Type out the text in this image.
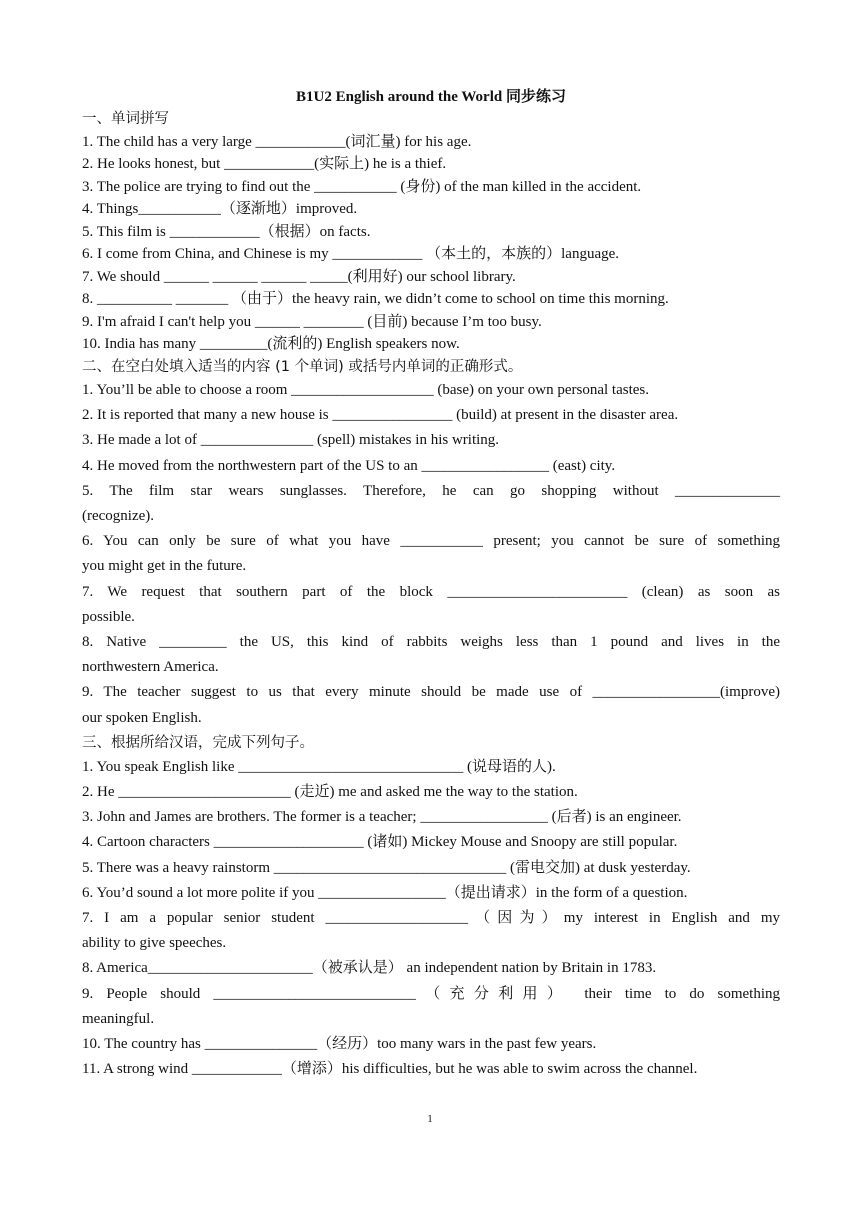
B1U2 English around the World 同步练习
一、单词拼写
1. The child has a very large ____________(词汇量) for his age.
2. He looks honest, but ____________(实际上) he is a thief.
3. The police are trying to find out the ___________ (身份) of the man killed in the accident.
4. Things___________（逐渐地）improved.
5. This film is ____________（根据）on facts.
6. I come from China, and Chinese is my ____________ （本土的，本族的）language.
7. We should ______ ______ ______ _____(利用好) our school library.
8. __________ _______ （由于）the heavy rain, we didn’t come to school on time this morning.
9. I'm afraid I can't help you ______ ________ (目前) because I’m too busy.
10. India has many _________(流利的) English speakers now.
二、在空白处填入适当的内容 (1 个单词) 或括号内单词的正确形式。
1. You’ll be able to choose a room ___________________ (base) on your own personal tastes.
2. It is reported that many a new house is ________________ (build) at present in the disaster area.
3. He made a lot of _______________ (spell) mistakes in his writing.
4. He moved from the northwestern part of the US to an _________________ (east) city.
5. The film star wears sunglasses. Therefore, he can go shopping without ______________
(recognize).
6. You can only be sure of what you have ___________ present; you cannot be sure of something
you might get in the future.
7. We request that southern part of the block ________________________ (clean) as soon as
possible.
8. Native _________ the US, this kind of rabbits weighs less than 1 pound and lives in the
northwestern America.
9. The teacher suggest to us that every minute should be made use of _________________(improve)
our spoken English.
三、根据所给汉语，完成下列句子。
1. You speak English like ______________________________ (说母语的人).
2. He _______________________ (走近) me and asked me the way to the station.
3. John and James are brothers. The former is a teacher; _________________ (后者) is an engineer.
4. Cartoon characters ____________________ (诸如) Mickey Mouse and Snoopy are still popular.
5. There was a heavy rainstorm _______________________________ (雷电交加) at dusk yesterday.
6. You’d sound a lot more polite if you _________________（提出请求）in the form of a question.
7. I am a popular senior student ___________________（因为）my interest in English and my
ability to give speeches.
8. America______________________（被承认是） an independent nation by Britain in 1783.
9. People should ___________________________（充分利用） their time to do something
meaningful.
10. The country has _______________（经历）too many wars in the past few years.
11. A strong wind ____________（增添）his difficulties, but he was able to swim across the channel.
1
